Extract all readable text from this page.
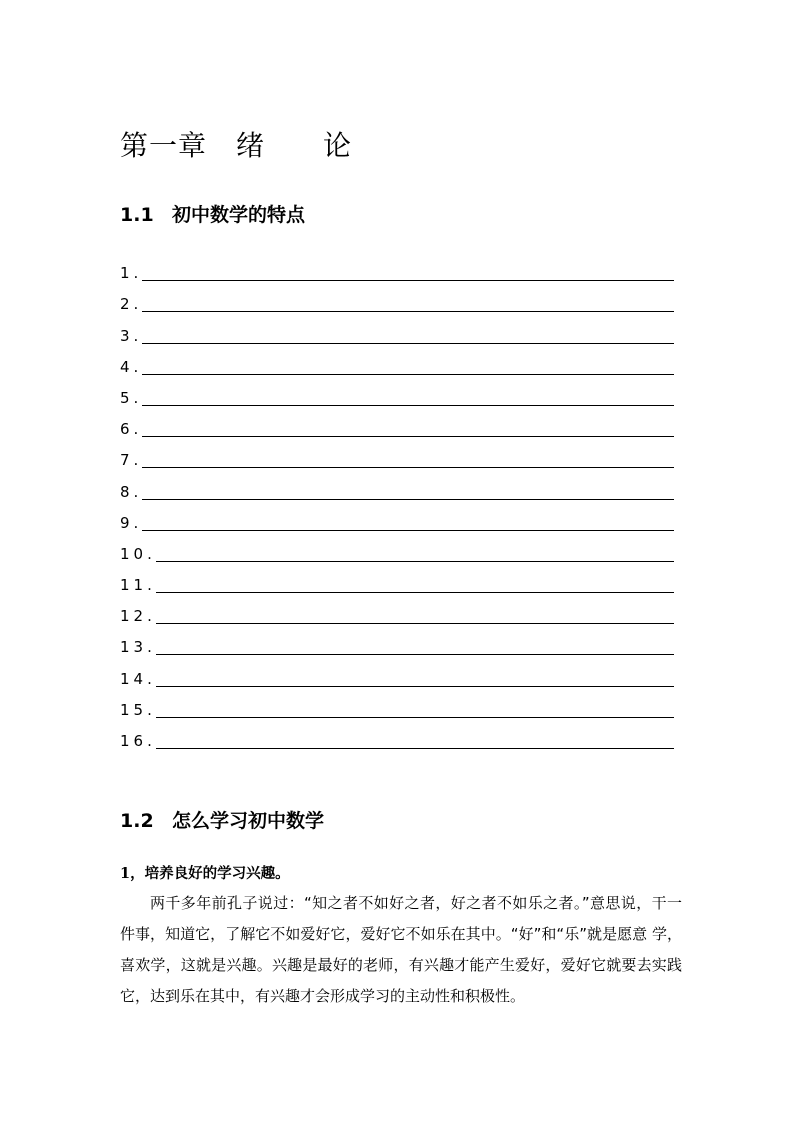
第一章　绪　　论
1.1 初中数学的特点
1.
2.
3.
4.
5.
6.
7.
8.
9.
10.
11.
12.
13.
14.
15.
16.
1.2 怎么学习初中数学
1，培养良好的学习兴趣。

两千多年前孔子说过：“知之者不如好之者，好之者不如乐之者。”意思说，干一件事，知道它，了解它不如爱好它，爱好它不如乐在其中。“好”和“乐”就是愿意 学，喜欢学，这就是兴趣。兴趣是最好的老师，有兴趣才能产生爱好，爱好它就要去实践它，达到乐在其中，有兴趣才会形成学习的主动性和积极性。
